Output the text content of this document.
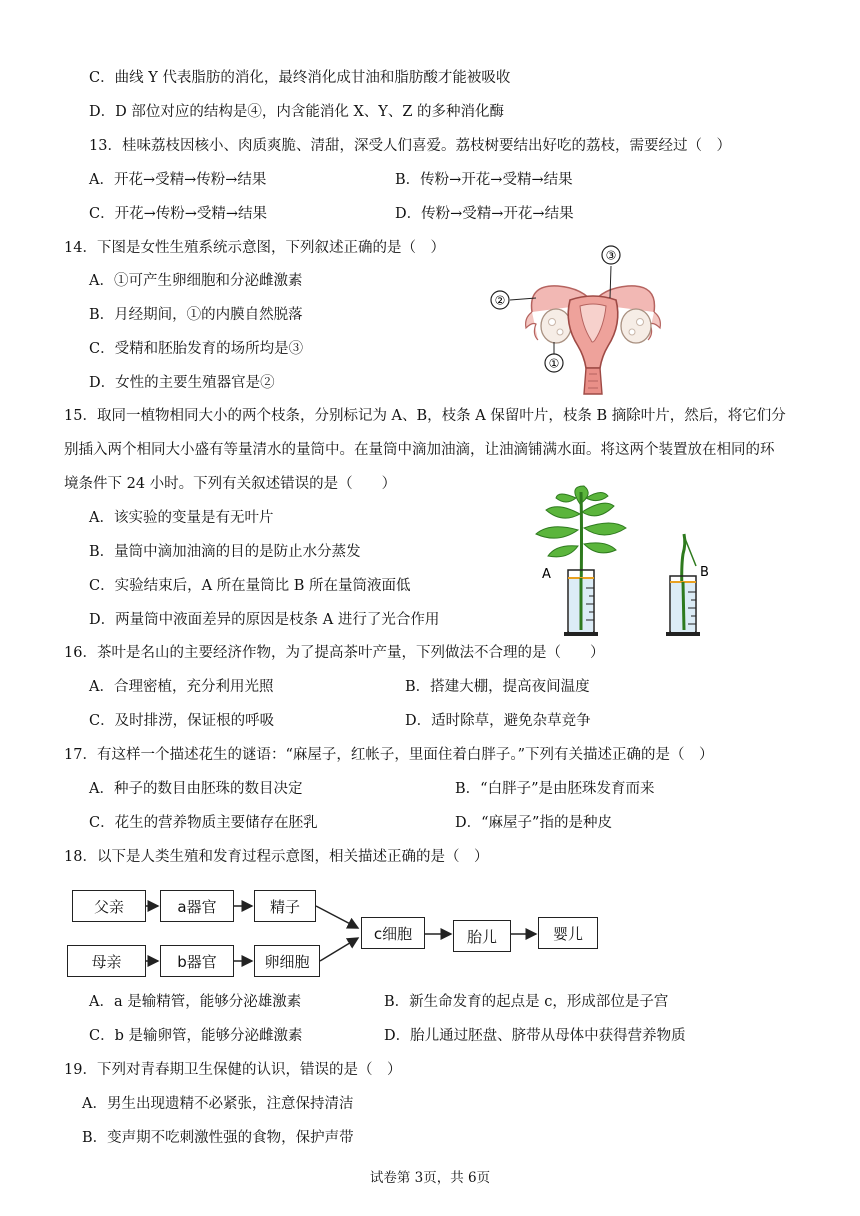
C．曲线 Y 代表脂肪的消化，最终消化成甘油和脂肪酸才能被吸收
D．D 部位对应的结构是④，内含能消化 X、Y、Z 的多种消化酶
13．桂味荔枝因核小、肉质爽脆、清甜，深受人们喜爱。荔枝树要结出好吃的荔枝，需要经过（　）
A．开花→受精→传粉→结果	B．传粉→开花→受精→结果
C．开花→传粉→受精→结果	D．传粉→受精→开花→结果
14．下图是女性生殖系统示意图，下列叙述正确的是（　）
A．①可产生卵细胞和分泌雌激素
B．月经期间，①的内膜自然脱落
C．受精和胚胎发育的场所均是③
D．女性的主要生殖器官是②
③
②
①
15．取同一植物相同大小的两个枝条，分别标记为 A、B，枝条 A 保留叶片，枝条 B 摘除叶片，然后，将它们分
别插入两个相同大小盛有等量清水的量筒中。在量筒中滴加油滴，让油滴铺满水面。将这两个装置放在相同的环
境条件下 24 小时。下列有关叙述错误的是（　　）
A．该实验的变量是有无叶片
B．量筒中滴加油滴的目的是防止水分蒸发
C．实验结束后，A 所在量筒比 B 所在量筒液面低
D．两量筒中液面差异的原因是枝条 A 进行了光合作用
A	B
16．茶叶是名山的主要经济作物，为了提高茶叶产量，下列做法不合理的是（　　）
A．合理密植，充分利用光照	B．搭建大棚，提高夜间温度
C．及时排涝，保证根的呼吸	D．适时除草，避免杂草竞争
17．有这样一个描述花生的谜语：“麻屋子，红帐子，里面住着白胖子。”下列有关描述正确的是（　）
A．种子的数目由胚珠的数目决定	B．“白胖子”是由胚珠发育而来
C．花生的营养物质主要储存在胚乳	D．“麻屋子”指的是种皮
18．以下是人类生殖和发育过程示意图，相关描述正确的是（　）
父亲	a器官	精子
母亲	b器官	卵细胞
c细胞	胎儿	婴儿
A．a 是输精管，能够分泌雄激素	B．新生命发育的起点是 c，形成部位是子宫
C．b 是输卵管，能够分泌雌激素	D．胎儿通过胚盘、脐带从母体中获得营养物质
19．下列对青春期卫生保健的认识，错误的是（　）
A．男生出现遗精不必紧张，注意保持清洁
B．变声期不吃刺激性强的食物，保护声带
试卷第 3页，共 6页
